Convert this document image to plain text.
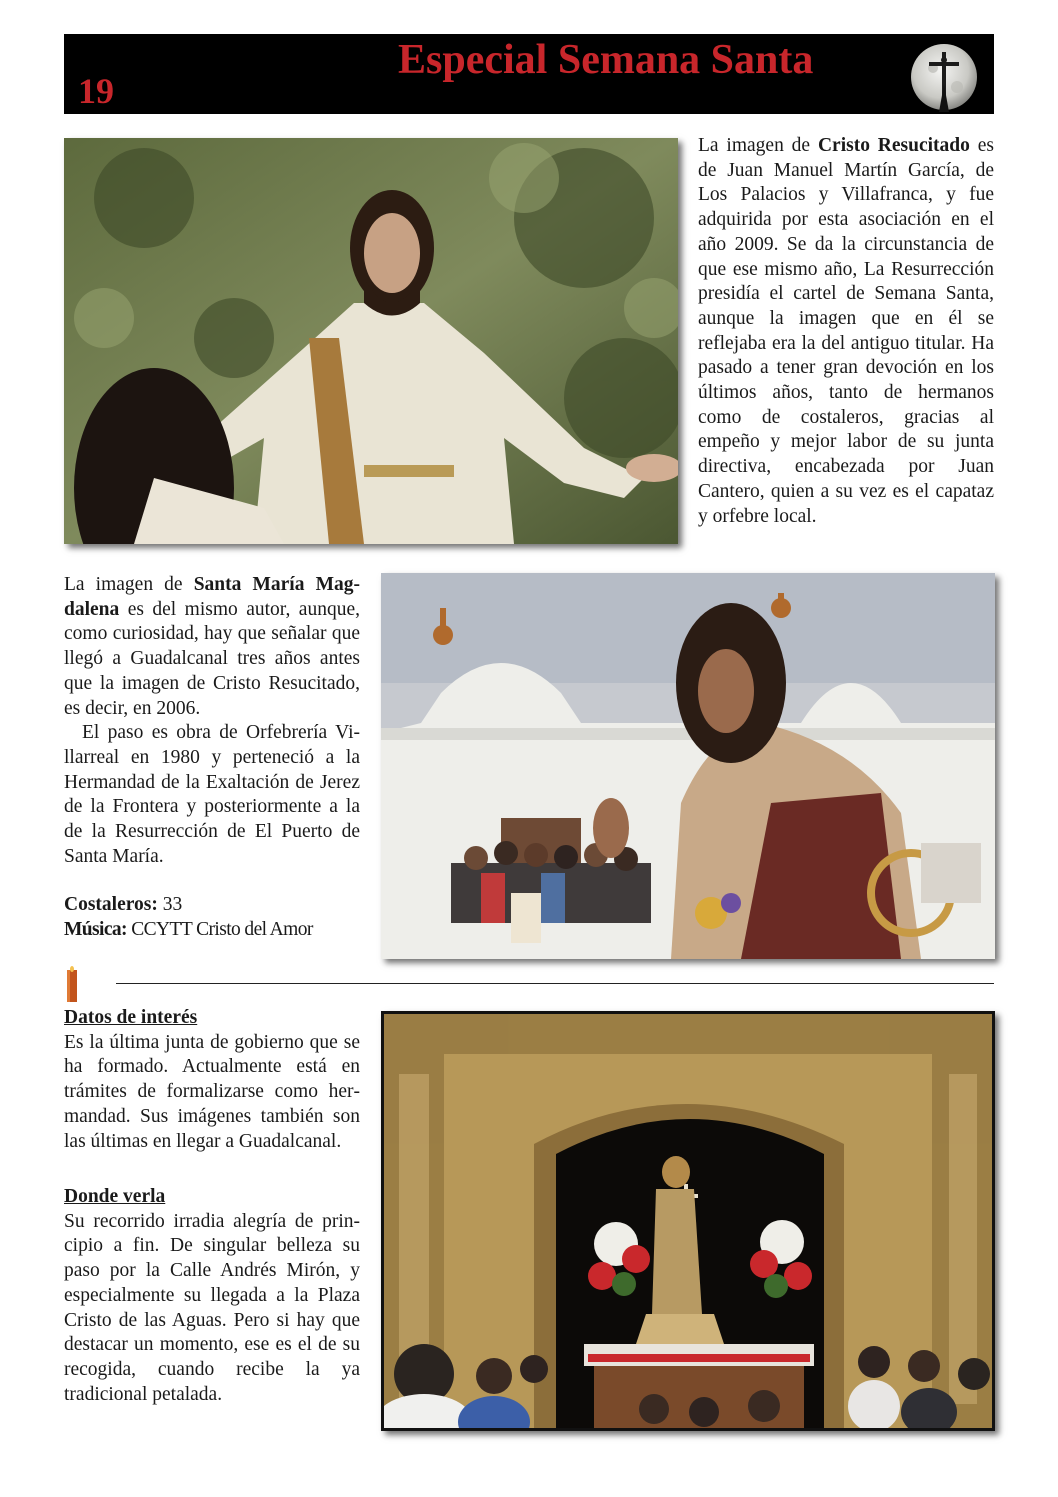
19
Especial Semana Santa

La imagen de Cristo Resucitado es de Juan Manuel Martín García, de Los Palacios y Villafranca, y fue adquirida por esta asociación en el año 2009. Se da la circunstancia de que ese mismo año, La Resurrección presidía el cartel de Semana Santa, aunque la imagen que en él se reflejaba era la del antiguo titular. Ha pasado a tener gran devoción en los últimos años, tanto de hermanos como de costaleros, gracias al empeño y mejor labor de su junta directiva, encabezada por Juan Cantero, quien a su vez es el capataz y orfebre local.

La imagen de Santa María Magdalena es del mismo autor, aunque, como curiosidad, hay que señalar que llegó a Guadalcanal tres años antes que la imagen de Cristo Resucitado, es decir, en 2006.

El paso es obra de Orfebrería Villarreal en 1980 y perteneció a la Hermandad de la Exaltación de Jerez de la Frontera y posteriormente a la de la Resurrección de El Puerto de Santa María.

Costaleros: 33

Música: CCYTT Cristo del Amor

Datos de interés

Es la última junta de gobierno que se ha formado. Actualmente está en trámites de formalizarse como hermandad. Sus imágenes también son las últimas en llegar a Guadalcanal.

Donde verla

Su recorrido irradia alegría de principio a fin. De singular belleza su paso por la Calle Andrés Mirón, y especialmente su llegada a la Plaza Cristo de las Aguas. Pero si hay que destacar un momento, ese es el de su recogida, cuando recibe la ya tradicional petalada.
